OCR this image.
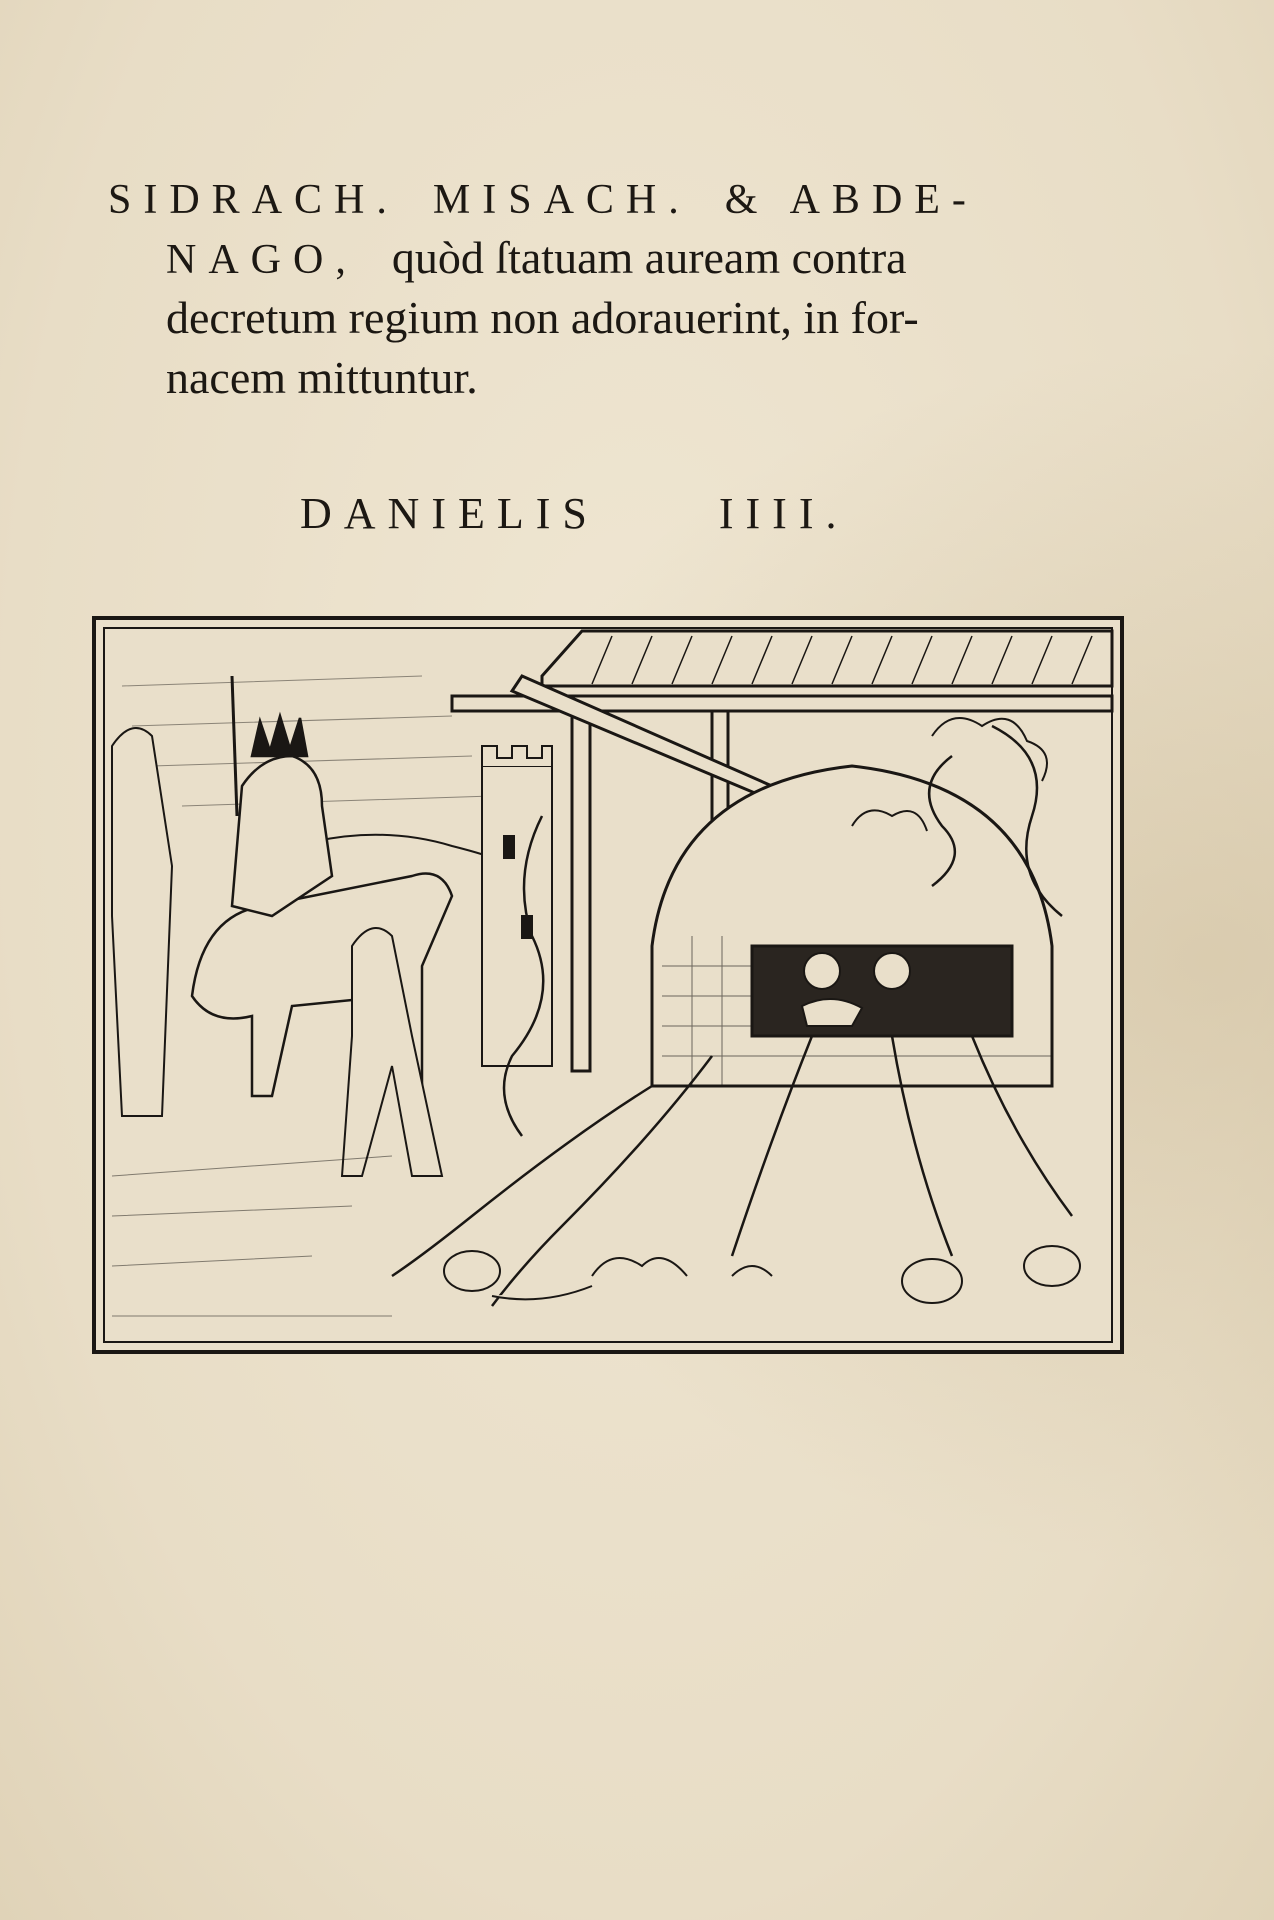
SIDRACH. MISACH. & ABDE-
NAGO, quòd ſtatuam auream contra
decretum regium non adorauerint, in for-
nacem mittuntur.
DANIELIS	IIII.
